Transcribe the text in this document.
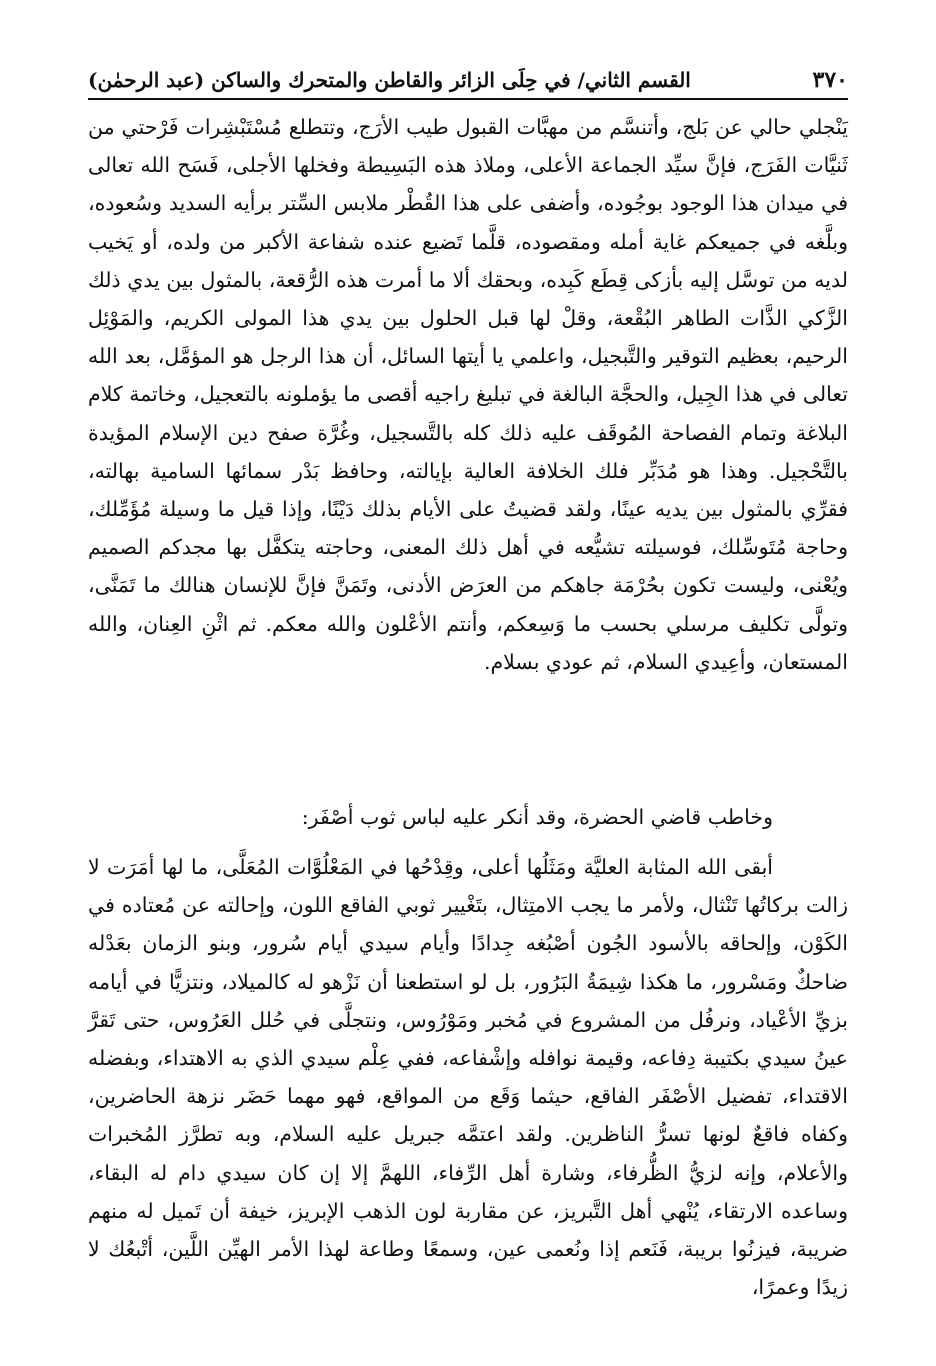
٣٧٠
القسم الثاني/ في حِلَى الزائر والقاطن والمتحرك والساكن (عبد الرحمٰن)

يَنْجلي حالي عن بَلج، وأتنسَّم من مهبَّات القبول طيب الأرَج، وتتطلع مُسْتَبْشِرات فَرْحتي من ثَنيَّات الفَرَج، فإنَّ سيِّد الجماعة الأعلى، وملاذ هذه البَسِيطة وفخلها الأجلى، فَسَح الله تعالى في ميدان هذا الوجود بوجُوده، وأضفى على هذا القُطْر ملابس السِّتر برأيه السديد وسُعوده، وبلَّغه في جميعكم غاية أمله ومقصوده، قلَّما تَضيع عنده شفاعة الأكبر من ولده، أو يَخيب لديه من توسَّل إليه بأزكى قِطَع كَبِده، وبحقك ألا ما أمرت هذه الرُّقعة، بالمثول بين يدي ذلك الزَّكي الذَّات الطاهر البُقْعة، وقلْ لها قبل الحلول بين يدي هذا المولى الكريم، والمَوْئِل الرحيم، بعظيم التوقير والتَّبجيل، واعلمي يا أيتها السائل، أن هذا الرجل هو المؤمَّل، بعد الله تعالى في هذا الجِيل، والحجَّة البالغة في تبليغ راجيه أقصى ما يؤملونه بالتعجيل، وخاتمة كلام البلاغة وتمام الفصاحة المُوقَف عليه ذلك كله بالتَّسجيل، وغُرَّة صفح دين الإسلام المؤيدة بالتَّحْجيل. وهذا هو مُدَبِّر فلك الخلافة العالية بإيالته، وحافظ بَدْر سمائها السامية بهالته، فقرِّي بالمثول بين يديه عينًا، ولقد قضيتُ على الأيام بذلك دَيْنًا، وإذا قيل ما وسيلة مُؤَمِّلك، وحاجة مُتَوسِّلك، فوسيلته تشيُّعه في أهل ذلك المعنى، وحاجته يتكفَّل بها مجدكم الصميم ويُعْنى، وليست تكون بحُرْمَة جاهكم من العرَض الأدنى، وتَمَنَّ فإنَّ للإنسان هنالك ما تَمَنَّى، وتولَّى تكليف مرسلي بحسب ما وَسِعكم، وأنتم الأعْلون والله معكم. ثم اثْنِ العِنان، والله المستعان، وأعِيدي السلام، ثم عودي بسلام.

وخاطب قاضي الحضرة، وقد أنكر عليه لباس ثوب أصْفَر:

أبقى الله المثابة العليَّة ومَثَلُها أعلى، وقِدْحُها في المَعْلُوَّات المُعَلَّى، ما لها أمَرَت لا زالت بركاتُها تَنْثال، ولأمر ما يجب الامتِثال، بتَغْيير ثوبي الفاقع اللون، وإحالته عن مُعتاده في الكَوْن، وإلحاقه بالأسود الجُون أصْبُغه جِدادًا وأيام سيدي أيام سُرور، وبنو الزمان بعَدْله ضاحكٌ ومَسْرور، ما هكذا شِيمَةُ البَرُور، بل لو استطعنا أن نَزْهو له كالميلاد، ونتزيًّا في أيامه بزيِّ الأعْياد، ونرفُل من المشروع في مُخبر ومَوْرُوس، ونتجلَّى في حُلل العَرُوس، حتى تَقرَّ عينُ سيدي بكتيبة دِفاعه، وقيمة نوافله وإشْفاعه، ففي عِلْم سيدي الذي به الاهتداء، وبفضله الاقتداء، تفضيل الأصْفَر الفاقع، حيثما وَقَع من المواقع، فهو مهما حَضَر نزهة الحاضرين، وكفاه فاقعٌ لونها تسرُّ الناظرين. ولقد اعتمَّه جبريل عليه السلام، وبه تطرَّز المُخبرات والأعلام، وإنه لزيُّ الظُّرفاء، وشارة أهل الرِّفاء، اللهمَّ إلا إن كان سيدي دام له البقاء، وساعده الارتقاء، يُنْهي أهل التَّبريز، عن مقاربة لون الذهب الإبريز، خيفة أن تَميل له منهم ضريبة، فيزنُوا بريبة، فَنَعم إذا ونُعمى عين، وسمعًا وطاعة لهذا الأمر الهيِّن اللَّين، أتْبعُك لا زيدًا وعمرًا،
